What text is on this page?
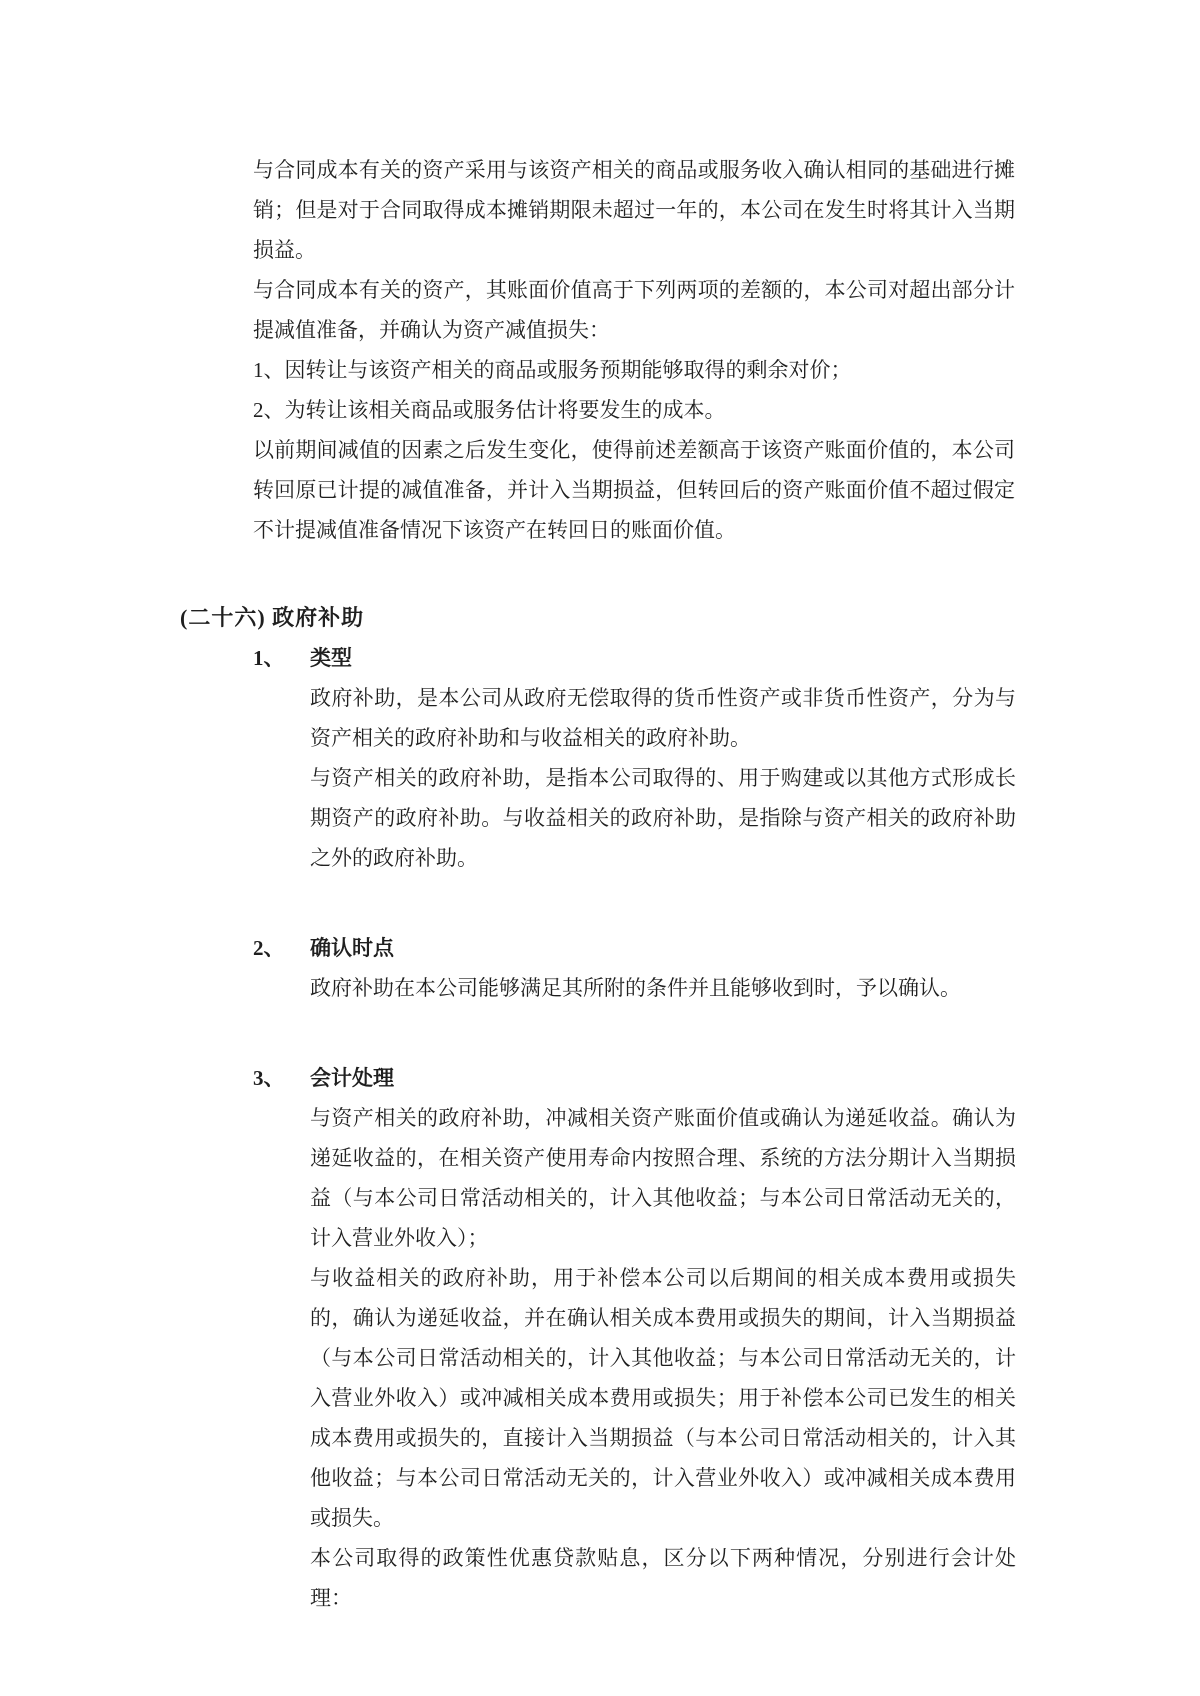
与合同成本有关的资产采用与该资产相关的商品或服务收入确认相同的基础进行摊销；但是对于合同取得成本摊销期限未超过一年的，本公司在发生时将其计入当期损益。

与合同成本有关的资产，其账面价值高于下列两项的差额的，本公司对超出部分计提减值准备，并确认为资产减值损失：

1、因转让与该资产相关的商品或服务预期能够取得的剩余对价；

2、为转让该相关商品或服务估计将要发生的成本。

以前期间减值的因素之后发生变化，使得前述差额高于该资产账面价值的，本公司转回原已计提的减值准备，并计入当期损益，但转回后的资产账面价值不超过假定不计提减值准备情况下该资产在转回日的账面价值。

(二十六) 政府补助
1、 类型

政府补助，是本公司从政府无偿取得的货币性资产或非货币性资产，分为与资产相关的政府补助和与收益相关的政府补助。

与资产相关的政府补助，是指本公司取得的、用于购建或以其他方式形成长期资产的政府补助。与收益相关的政府补助，是指除与资产相关的政府补助之外的政府补助。

2、 确认时点

政府补助在本公司能够满足其所附的条件并且能够收到时，予以确认。

3、 会计处理

与资产相关的政府补助，冲减相关资产账面价值或确认为递延收益。确认为递延收益的，在相关资产使用寿命内按照合理、系统的方法分期计入当期损益（与本公司日常活动相关的，计入其他收益；与本公司日常活动无关的，计入营业外收入）；

与收益相关的政府补助，用于补偿本公司以后期间的相关成本费用或损失的，确认为递延收益，并在确认相关成本费用或损失的期间，计入当期损益（与本公司日常活动相关的，计入其他收益；与本公司日常活动无关的，计入营业外收入）或冲减相关成本费用或损失；用于补偿本公司已发生的相关成本费用或损失的，直接计入当期损益（与本公司日常活动相关的，计入其他收益；与本公司日常活动无关的，计入营业外收入）或冲减相关成本费用或损失。

本公司取得的政策性优惠贷款贴息，区分以下两种情况，分别进行会计处理：
